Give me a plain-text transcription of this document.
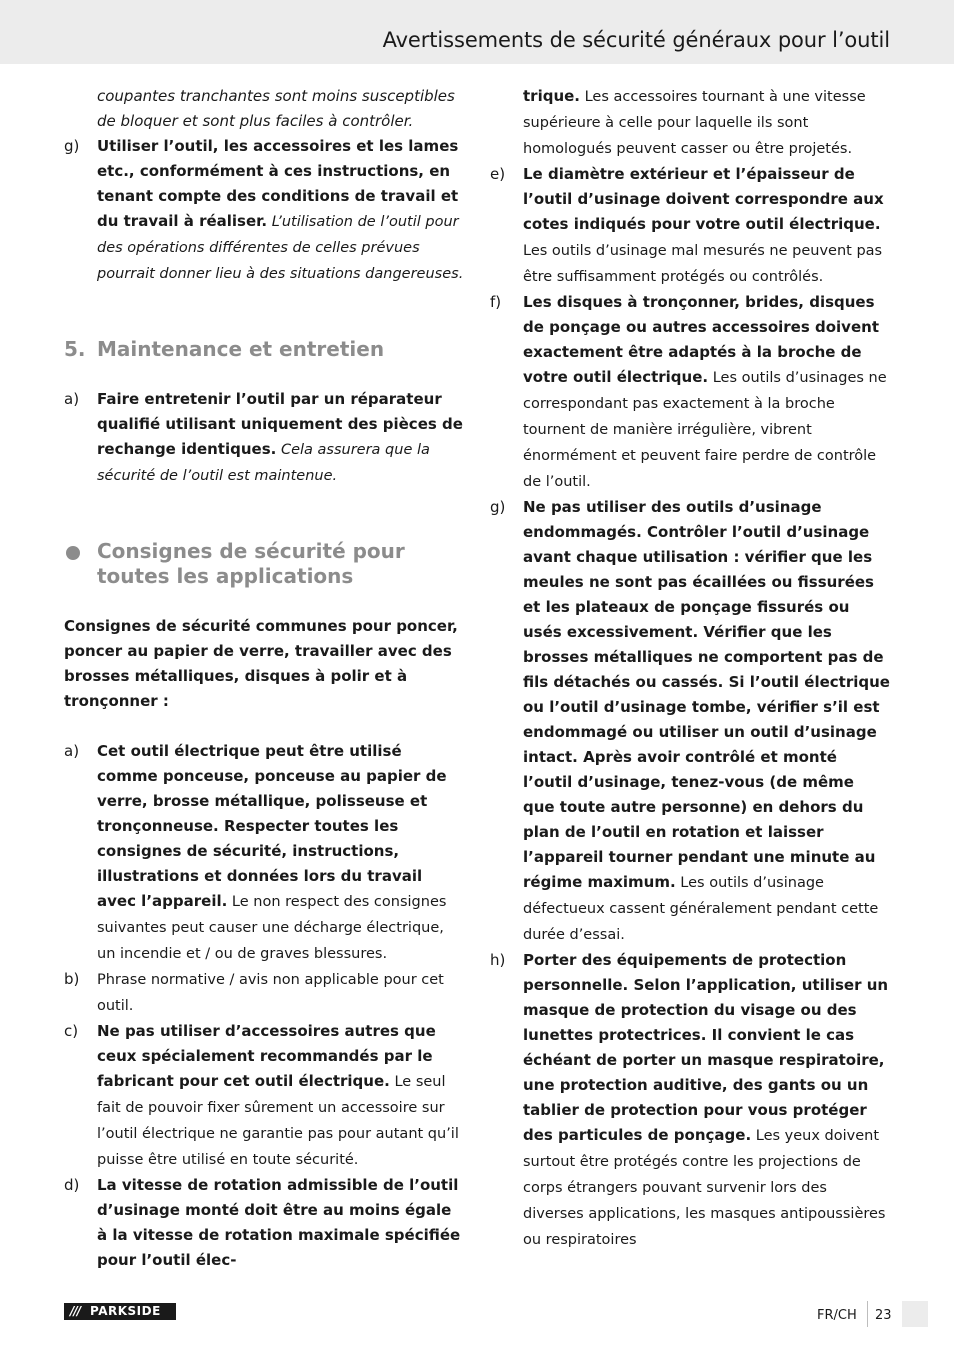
Avertissements de sécurité généraux pour l’outil

coupantes tranchantes sont moins susceptibles de bloquer et sont plus faciles à contrôler.

g) Utiliser l’outil, les accessoires et les lames etc., conformément à ces instructions, en tenant compte des conditions de travail et du travail à réaliser. L’utilisation de l’outil pour des opérations différentes de celles prévues pourrait donner lieu à des situations dangereuses.

5. Maintenance et entretien

a) Faire entretenir l’outil par un réparateur qualifié utilisant uniquement des pièces de rechange identiques. Cela assurera que la sécurité de l’outil est maintenue.
Consignes de sécurité pour toutes les applications

Consignes de sécurité communes pour poncer, poncer au papier de verre, travailler avec des brosses métalliques, disques à polir et à tronçonner :

a) Cet outil électrique peut être utilisé comme ponceuse, ponceuse au papier de verre, brosse métallique, polisseuse et tronçonneuse. Respecter toutes les consignes de sécurité, instructions, illustrations et données lors du travail avec l’appareil. Le non respect des consignes suivantes peut causer une décharge électrique, un incendie et / ou de graves blessures.
b) Phrase normative / avis non applicable pour cet outil.
c) Ne pas utiliser d’accessoires autres que ceux spécialement recommandés par le fabricant pour cet outil électrique. Le seul fait de pouvoir fixer sûrement un accessoire sur l’outil électrique ne garantie pas pour autant qu’il puisse être utilisé en toute sécurité.
d) La vitesse de rotation admissible de l’outil d’usinage monté doit être au moins égale à la vitesse de rotation maximale spécifiée pour l’outil élec-
trique. Les accessoires tournant à une vitesse supérieure à celle pour laquelle ils sont homologués peuvent casser ou être projetés.
e) Le diamètre extérieur et l’épaisseur de l’outil d’usinage doivent correspondre aux cotes indiqués pour votre outil électrique. Les outils d’usinage mal mesurés ne peuvent pas être suffisamment protégés ou contrôlés.
f) Les disques à tronçonner, brides, disques de ponçage ou autres accessoires doivent exactement être adaptés à la broche de votre outil électrique. Les outils d’usinages ne correspondant pas exactement à la broche tournent de manière irrégulière, vibrent énormément et peuvent faire perdre de contrôle de l’outil.
g) Ne pas utiliser des outils d’usinage endommagés. Contrôler l’outil d’usinage avant chaque utilisation : vérifier que les meules ne sont pas écaillées ou fissurées et les plateaux de ponçage fissurés ou usés excessivement. Vérifier que les brosses métalliques ne comportent pas de fils détachés ou cassés. Si l’outil électrique ou l’outil d’usinage tombe, vérifier s’il est endommagé ou utiliser un outil d’usinage intact. Après avoir contrôlé et monté l’outil d’usinage, tenez-vous (de même que toute autre personne) en dehors du plan de l’outil en rotation et laisser l’appareil tourner pendant une minute au régime maximum. Les outils d’usinage défectueux cassent généralement pendant cette durée d’essai.
h) Porter des équipements de protection personnelle. Selon l’application, utiliser un masque de protection du visage ou des lunettes protectrices. Il convient le cas échéant de porter un masque respiratoire, une protection auditive, des gants ou un tablier de protection pour vous protéger des particules de ponçage. Les yeux doivent surtout être protégés contre les projections de corps étrangers pouvant survenir lors des diverses applications, les masques antipoussières ou respiratoires
/// PARKSIDE	FR/CH 23
